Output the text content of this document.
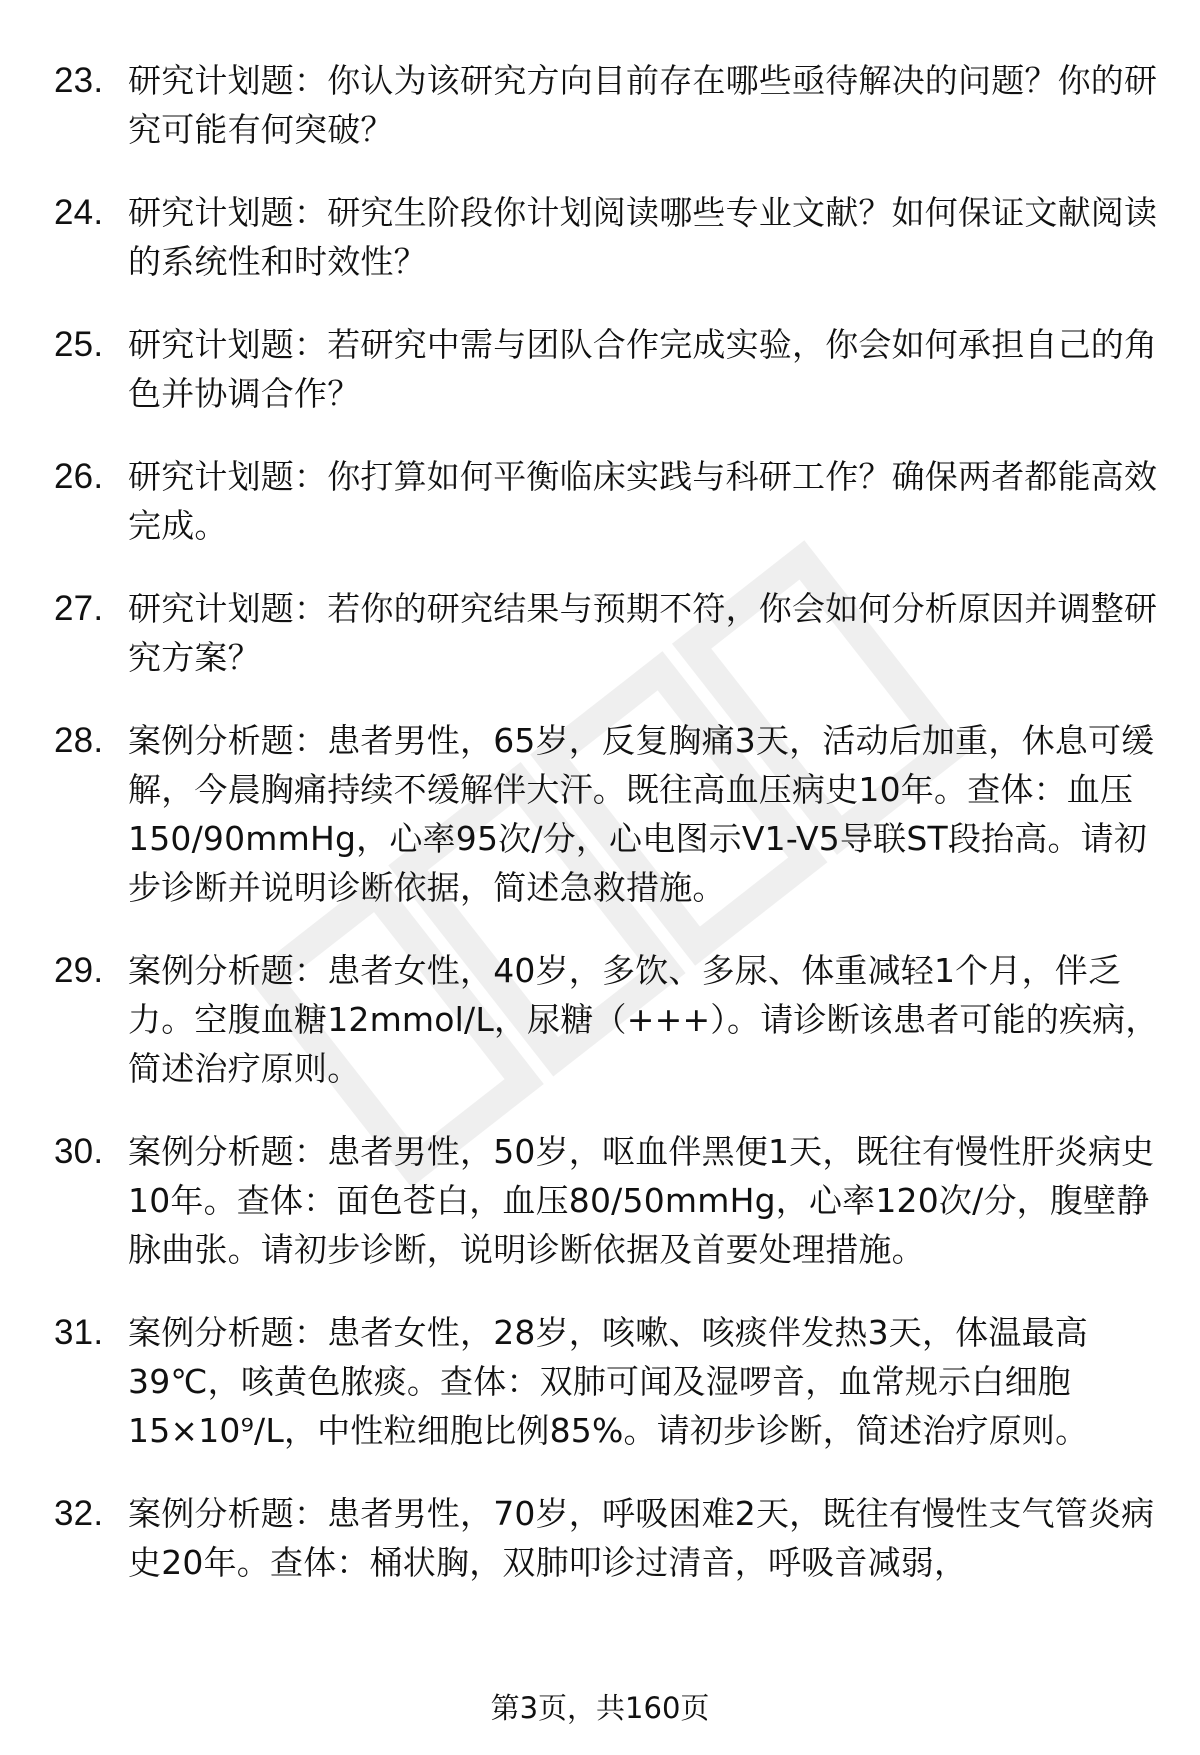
23. 研究计划题：你认为该研究方向目前存在哪些亟待解决的问题？你的研究可能有何突破？
24. 研究计划题：研究生阶段你计划阅读哪些专业文献？如何保证文献阅读的系统性和时效性？
25. 研究计划题：若研究中需与团队合作完成实验，你会如何承担自己的角色并协调合作？
26. 研究计划题：你打算如何平衡临床实践与科研工作？确保两者都能高效完成。
27. 研究计划题：若你的研究结果与预期不符，你会如何分析原因并调整研究方案？
28. 案例分析题：患者男性，65岁，反复胸痛3天，活动后加重，休息可缓解，今晨胸痛持续不缓解伴大汗。既往高血压病史10年。查体：血压150/90mmHg，心率95次/分，心电图示V1-V5导联ST段抬高。请初步诊断并说明诊断依据，简述急救措施。
29. 案例分析题：患者女性，40岁，多饮、多尿、体重减轻1个月，伴乏力。空腹血糖12mmol/L，尿糖（+++）。请诊断该患者可能的疾病，简述治疗原则。
30. 案例分析题：患者男性，50岁，呕血伴黑便1天，既往有慢性肝炎病史10年。查体：面色苍白，血压80/50mmHg，心率120次/分，腹壁静脉曲张。请初步诊断，说明诊断依据及首要处理措施。
31. 案例分析题：患者女性，28岁，咳嗽、咳痰伴发热3天，体温最高39℃，咳黄色脓痰。查体：双肺可闻及湿啰音，血常规示白细胞15×10⁹/L，中性粒细胞比例85%。请初步诊断，简述治疗原则。
32. 案例分析题：患者男性，70岁，呼吸困难2天，既往有慢性支气管炎病史20年。查体：桶状胸，双肺叩诊过清音，呼吸音减弱，
第3页，共160页
